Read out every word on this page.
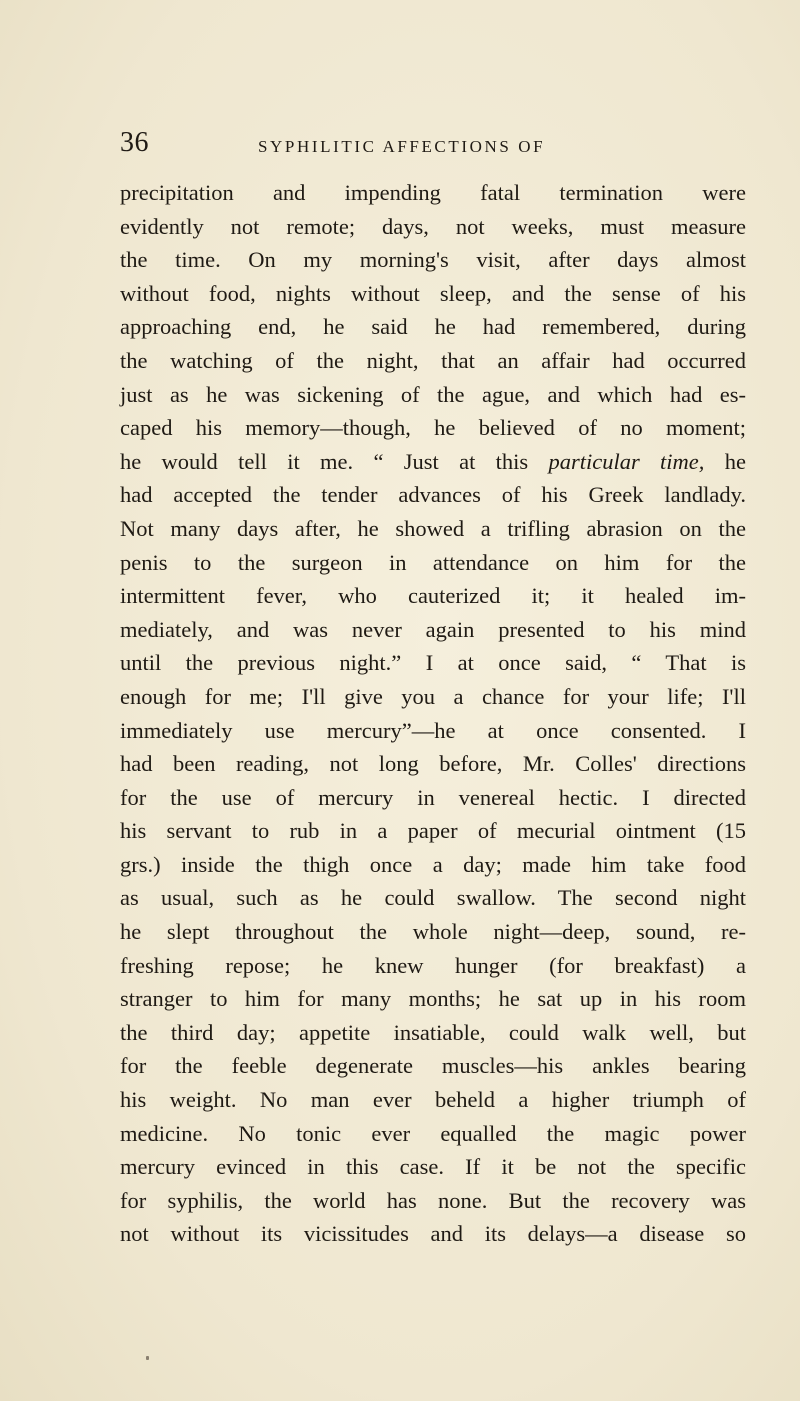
36	SYPHILITIC AFFECTIONS OF
precipitation and impending fatal termination were
evidently not remote; days, not weeks, must measure
the time. On my morning's visit, after days almost
without food, nights without sleep, and the sense of his
approaching end, he said he had remembered, during
the watching of the night, that an affair had occurred
just as he was sickening of the ague, and which had es-
caped his memory—though, he believed of no moment;
he would tell it me. “ Just at this particular time, he
had accepted the tender advances of his Greek landlady.
Not many days after, he showed a trifling abrasion on the
penis to the surgeon in attendance on him for the
intermittent fever, who cauterized it; it healed im-
mediately, and was never again presented to his mind
until the previous night.” I at once said, “ That is
enough for me; I'll give you a chance for your life; I'll
immediately use mercury”—he at once consented. I
had been reading, not long before, Mr. Colles' directions
for the use of mercury in venereal hectic. I directed
his servant to rub in a paper of mecurial ointment (15
grs.) inside the thigh once a day; made him take food
as usual, such as he could swallow. The second night
he slept throughout the whole night—deep, sound, re-
freshing repose; he knew hunger (for breakfast) a
stranger to him for many months; he sat up in his room
the third day; appetite insatiable, could walk well, but
for the feeble degenerate muscles—his ankles bearing
his weight. No man ever beheld a higher triumph of
medicine. No tonic ever equalled the magic power
mercury evinced in this case. If it be not the specific
for syphilis, the world has none. But the recovery was
not without its vicissitudes and its delays—a disease so
